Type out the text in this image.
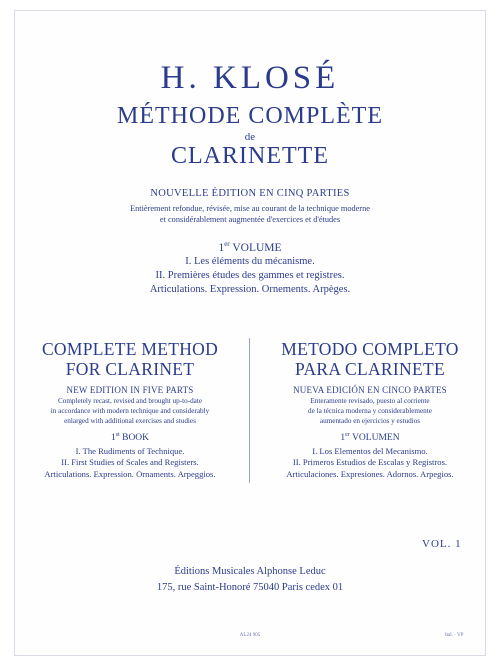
H. KLOSÉ
MÉTHODE COMPLÈTE
de
CLARINETTE
NOUVELLE ÉDITION EN CINQ PARTIES
Entièrement refondue, révisée, mise au courant de la technique moderne
et considérablement augmentée d'exercices et d'études
1er VOLUME
I. Les éléments du mécanisme.
II. Premières études des gammes et registres.
Articulations. Expression. Ornements. Arpèges.
COMPLETE METHOD
FOR CLARINET
NEW EDITION IN FIVE PARTS
Completely recast, revised and brought up-to-date
in accordance with modern technique and considerably
enlarged with additional exercises and studies
1st BOOK
I. The Rudiments of Technique.
II. First Studies of Scales and Registers.
Articulations. Expression. Ornaments. Arpeggios.
METODO COMPLETO
PARA CLARINETE
NUEVA EDICIÓN EN CINCO PARTES
Enteramente revisado, puesto al corriente
de la técnica moderna y considerablemente
aumentado en ejercicios y estudios
1er VOLUMEN
I. Los Elementos del Mecanismo.
II. Primeros Estudios de Escalas y Registros.
Articulaciones. Expresiones. Adornos. Arpegios.
VOL. 1
Éditions Musicales Alphonse Leduc
175, rue Saint-Honoré 75040 Paris cedex 01
AL24 905	Ital. · VP
